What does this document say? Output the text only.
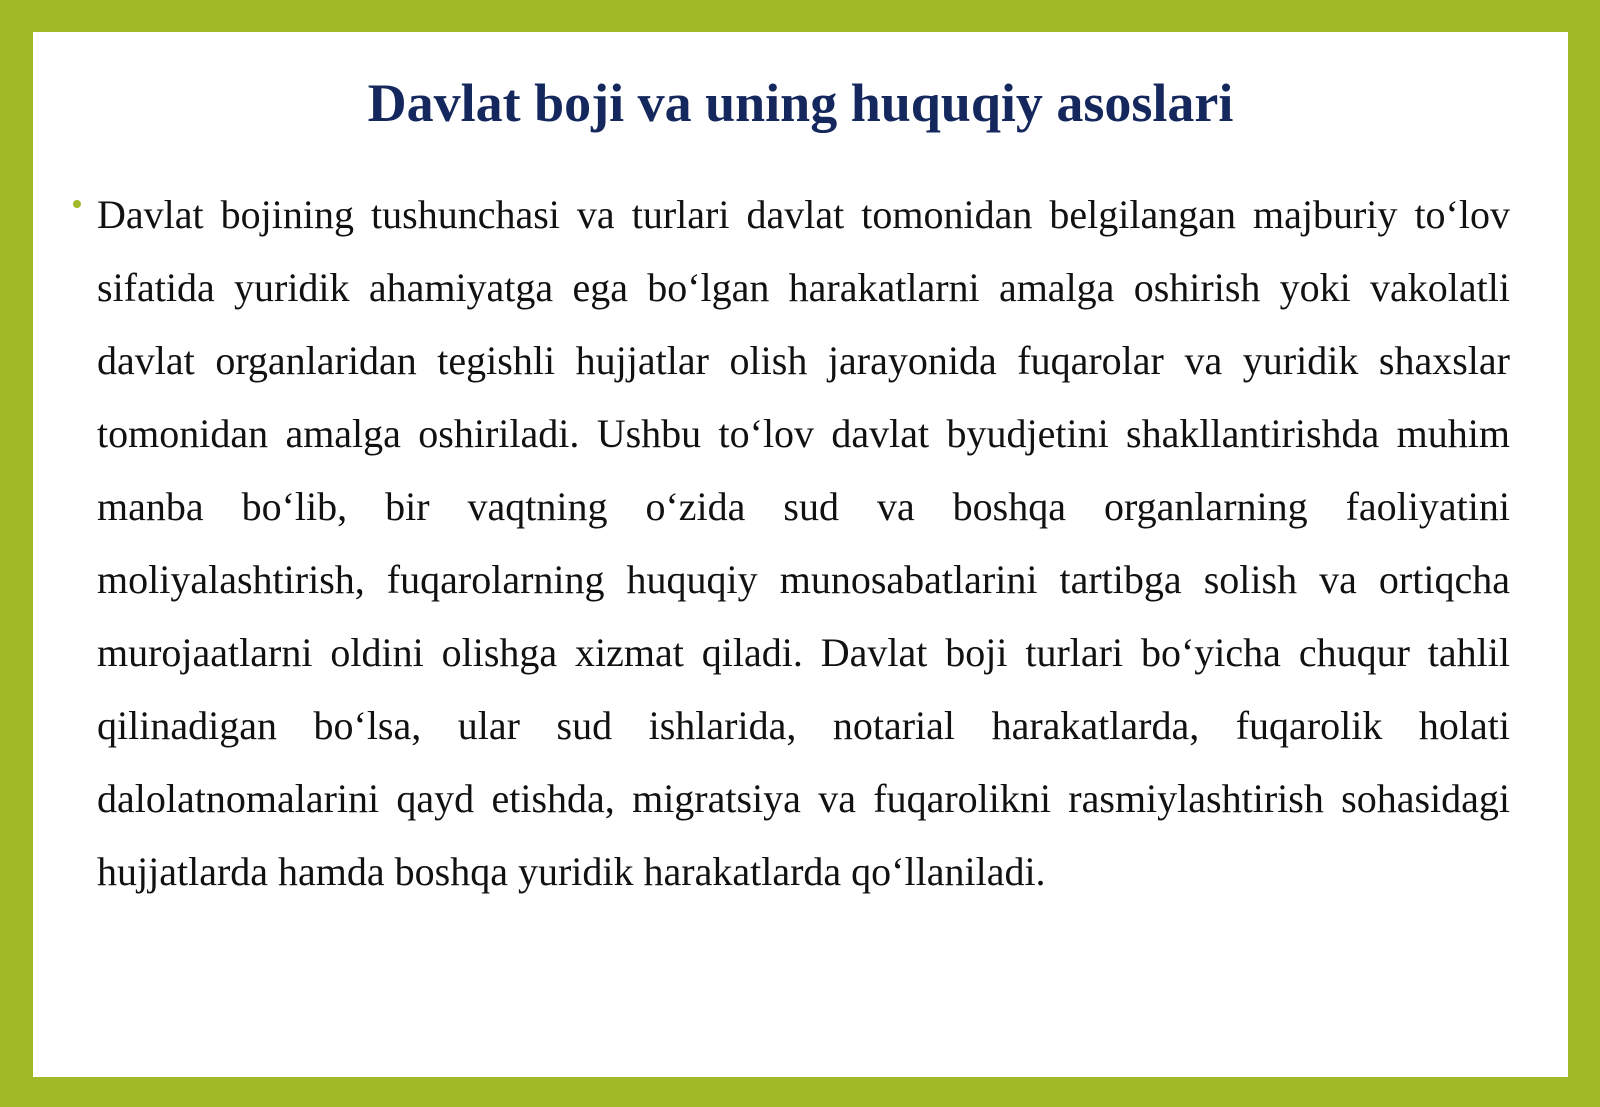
Davlat boji va uning huquqiy asoslari

Davlat bojining tushunchasi va turlari davlat tomonidan belgilangan majburiy to‘lov sifatida yuridik ahamiyatga ega bo‘lgan harakatlarni amalga oshirish yoki vakolatli davlat organlaridan tegishli hujjatlar olish jarayonida fuqarolar va yuridik shaxslar tomonidan amalga oshiriladi. Ushbu to‘lov davlat byudjetini shakllantirishda muhim manba bo‘lib, bir vaqtning o‘zida sud va boshqa organlarning faoliyatini moliyalashtirish, fuqarolarning huquqiy munosabatlarini tartibga solish va ortiqcha murojaatlarni oldini olishga xizmat qiladi. Davlat boji turlari bo‘yicha chuqur tahlil qilinadigan bo‘lsa, ular sud ishlarida, notarial harakatlarda, fuqarolik holati dalolatnomalarini qayd etishda, migratsiya va fuqarolikni rasmiylashtirish sohasidagi hujjatlarda hamda boshqa yuridik harakatlarda qo‘llaniladi.
